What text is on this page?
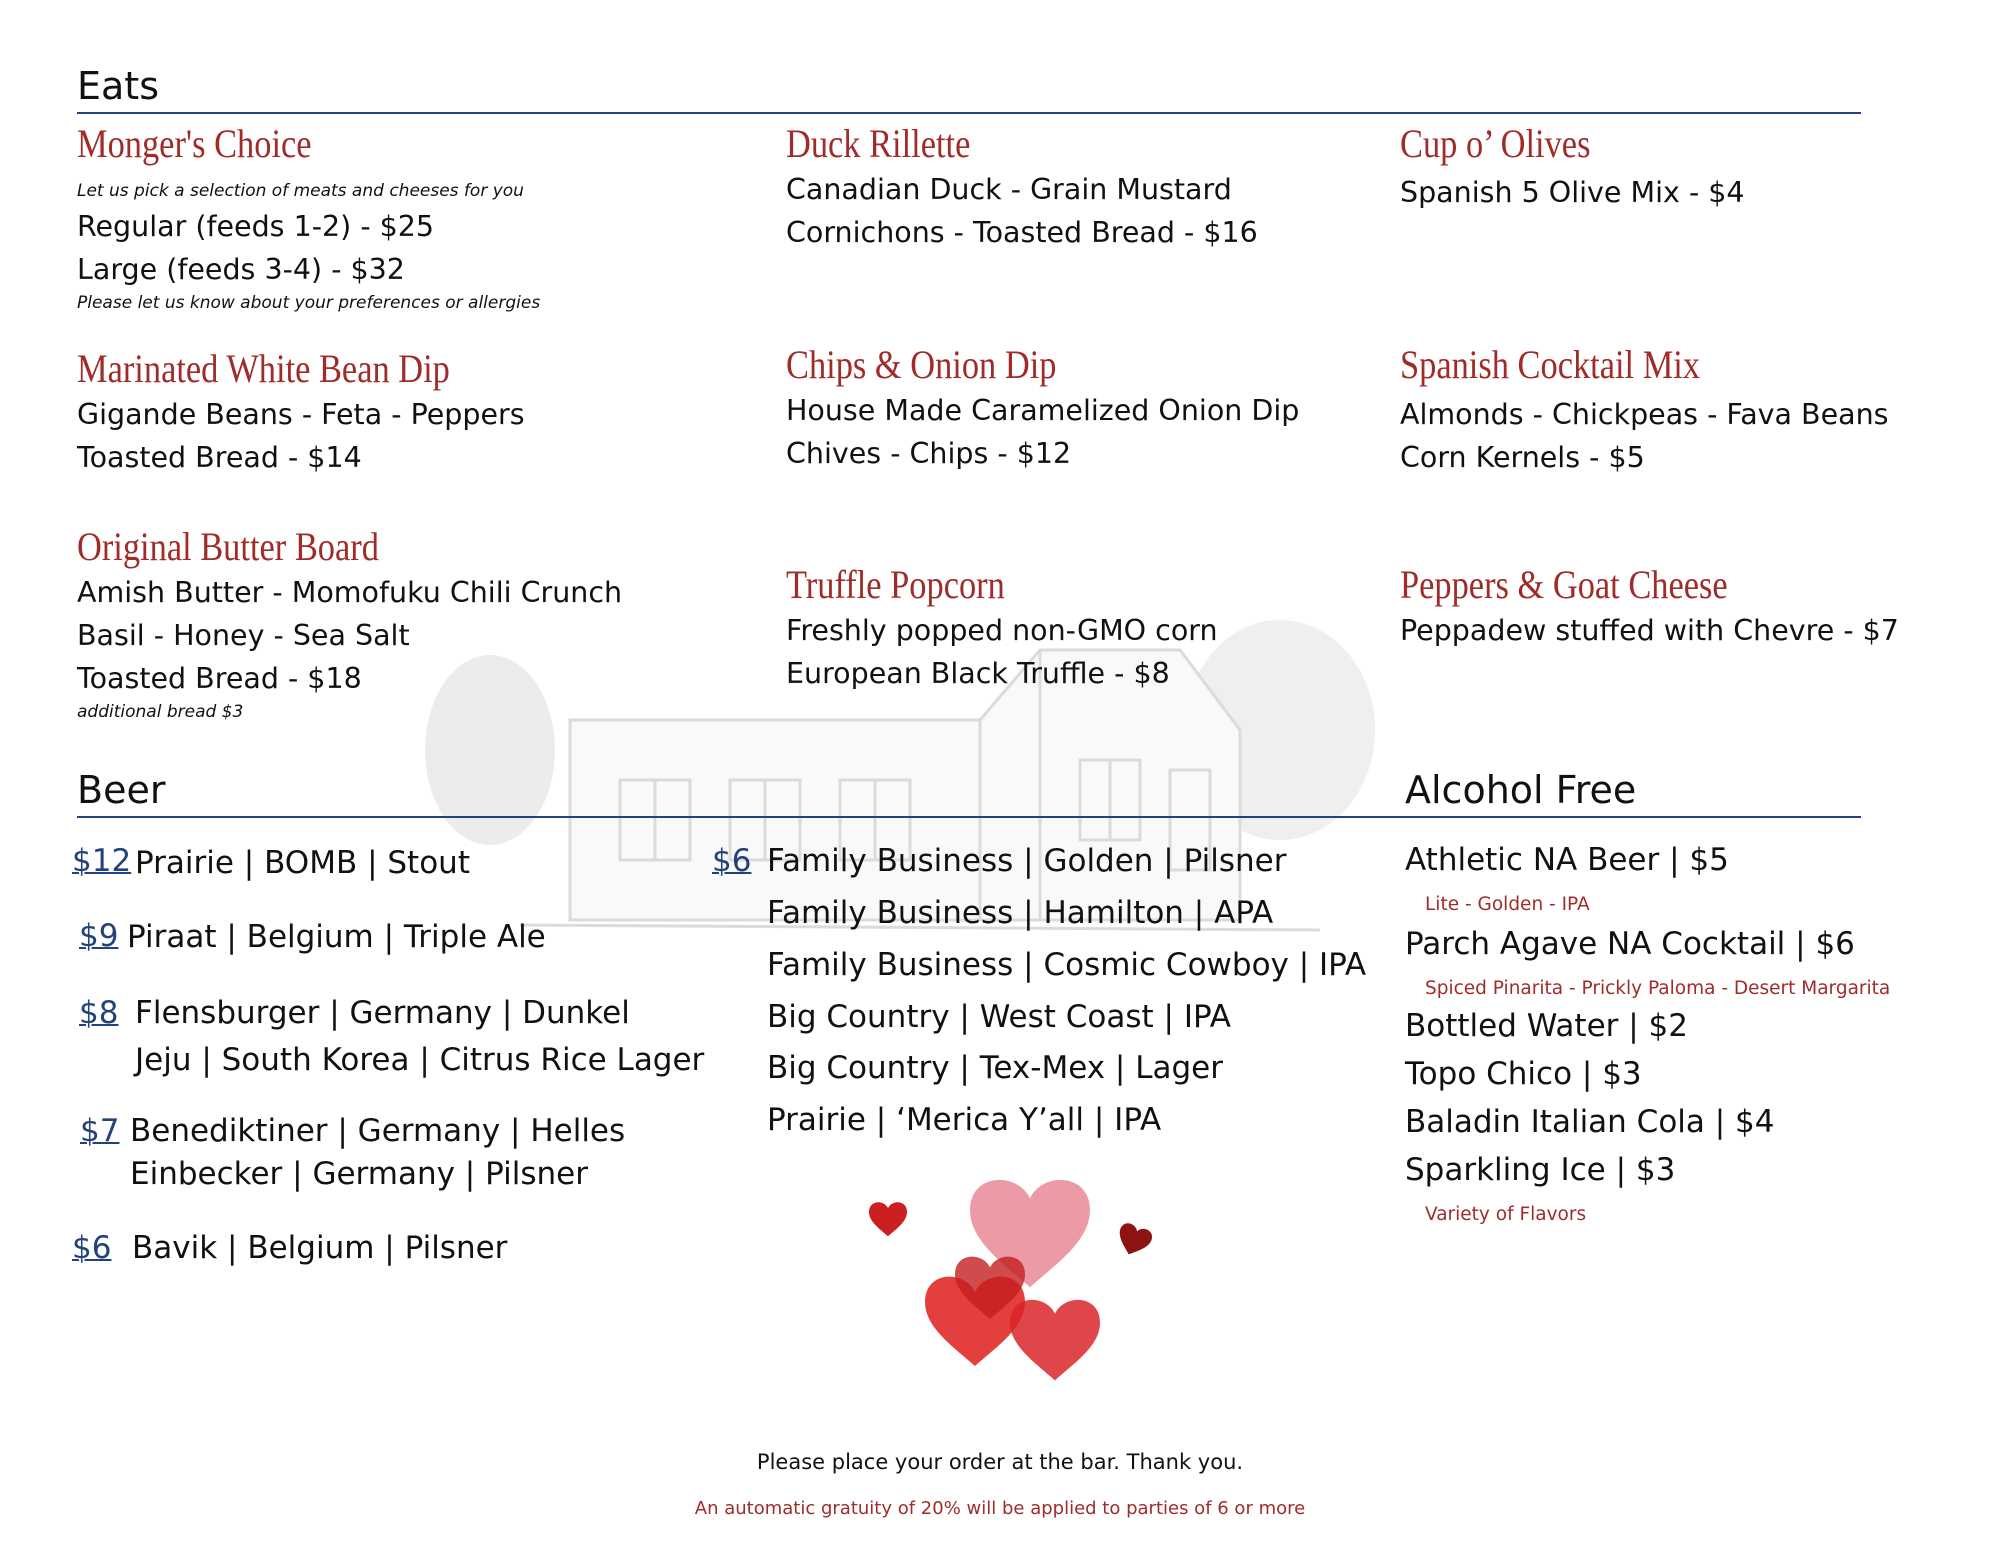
Eats
Monger's Choice
Let us pick a selection of meats and cheeses for you
Regular (feeds 1-2) - $25
Large (feeds 3-4) - $32
Please let us know about your preferences or allergies
Marinated White Bean Dip
Gigande Beans - Feta - Peppers
Toasted Bread - $14
Original Butter Board
Amish Butter - Momofuku Chili Crunch
Basil - Honey - Sea Salt
Toasted Bread - $18
additional bread $3
Duck Rillette
Canadian Duck - Grain Mustard
Cornichons - Toasted Bread - $16
Chips & Onion Dip
House Made Caramelized Onion Dip
Chives - Chips - $12
Truffle Popcorn
Freshly popped non-GMO corn
European Black Truffle - $8
Cup o’ Olives
Spanish 5 Olive Mix - $4
Spanish Cocktail Mix
Almonds - Chickpeas - Fava Beans
Corn Kernels - $5
Peppers & Goat Cheese
Peppadew stuffed with Chevre - $7
Beer
$12 Prairie | BOMB | Stout
$9 Piraat | Belgium | Triple Ale
$8 Flensburger | Germany | Dunkel
Jeju | South Korea | Citrus Rice Lager
$7 Benediktiner | Germany | Helles
Einbecker | Germany | Pilsner
$6 Bavik | Belgium | Pilsner
$6 Family Business | Golden | Pilsner
Family Business | Hamilton | APA
Family Business | Cosmic Cowboy | IPA
Big Country | West Coast | IPA
Big Country | Tex-Mex | Lager
Prairie | ‘Merica Y’all | IPA
Alcohol Free
Athletic NA Beer | $5
Lite - Golden - IPA
Parch Agave NA Cocktail | $6
Spiced Pinarita - Prickly Paloma - Desert Margarita
Bottled Water | $2
Topo Chico | $3
Baladin Italian Cola | $4
Sparkling Ice | $3
Variety of Flavors
Please place your order at the bar. Thank you.
An automatic gratuity of 20% will be applied to parties of 6 or more
